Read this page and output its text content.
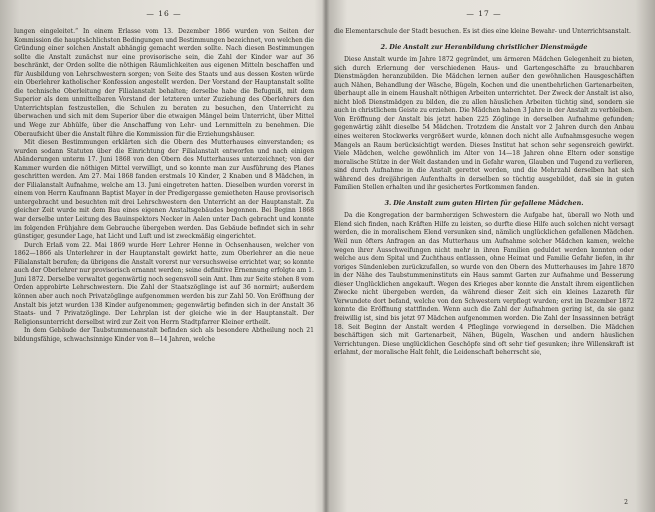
— 16 —

lungen eingeleitet.“ In einem Erlasse vom 13. Dezember 1866 wurden von Seiten der Kommission die hauptsächlichsten Bedingungen und Bestimmungen bezeichnet, von welchen die Gründung einer solchen Anstalt abhängig gemacht werden sollte. Nach diesen Bestimmungen sollte die Anstalt zunächst nur eine provisorische sein, die Zahl der Kinder war auf 36 beschränkt, der Orden sollte die nöthigen Räumlichkeiten aus eigenen Mitteln beschaffen und für Ausbildung von Lehrschwestern sorgen; von Seite des Staats und aus dessen Kosten würde ein Oberlehrer katholischer Konfession angestellt werden. Der Vorstand der Hauptanstalt sollte die technische Oberleitung der Filialanstalt behalten; derselbe habe die Befugniß, mit dem Superior als dem unmittelbaren Vorstand der letzteren unter Zuziehung des Oberlehrers den Unterrichtsplan festzustellen, die Schulen zu beraten zu besuchen, den Unterricht zu überwachen und sich mit dem Superior über die etwaigen Mängel beim Unterricht, über Mittel und Wege zur Abhülfe, über die Anschaffung von Lehr- und Lernmitteln zu benehmen. Die Oberaufsicht über die Anstalt führe die Kommission für die Erziehungshäuser.

Mit diesen Bestimmungen erklärten sich die Obern des Mutterhauses einverstanden; es wurden sodann Statuten über die Einrichtung der Filialanstalt entworfen und nach einigen Abänderungen unterm 17. Juni 1868 von den Obern des Mutterhauses unterzeichnet; von der Kammer wurden die nöthigen Mittel verwilligt, und so konnte man zur Ausführung des Planes geschritten werden. Am 27. Mai 1868 fanden erstmals 10 Kinder, 2 Knaben und 8 Mädchen, in der Filialanstalt Aufnahme, welche am 13. Juni eingetreten hatten. Dieselben wurden vorerst in einem von Herrn Kaufmann Baptist Mayer in der Predigergasse gemietheten Hause provisorisch untergebracht und besuchten mit drei Lehrschwestern den Unterricht an der Hauptanstalt. Zu gleicher Zeit wurde mit dem Bau eines eigenen Anstaltsgebäudes begonnen. Bei Beginn 1868 war derselbe unter Leitung des Bauinspektors Necker in Aalen unter Dach gebracht und konnte im folgenden Frühjahre dem Gebrauche übergeben werden. Das Gebäude befindet sich in sehr günstiger, gesunder Lage, hat Licht und Luft und ist zweckmäßig eingerichtet.

Durch Erlaß vom 22. Mai 1869 wurde Herr Lehrer Henne in Ochsenhausen, welcher von 1862—1866 als Unterlehrer in der Hauptanstalt gewirkt hatte, zum Oberlehrer an die neue Filialanstalt berufen; da übrigens die Anstalt vorerst nur versuchsweise errichtet war, so konnte auch der Oberlehrer nur provisorisch ernannt werden; seine definitive Ernennung erfolgte am 1. Juni 1872. Derselbe verwaltet gegenwärtig noch segensvoll sein Amt. Ihm zur Seite stehen 8 vom Orden approbirte Lehrschwestern. Die Zahl der Staatszöglinge ist auf 36 normirt; außerdem können aber auch noch Privatzöglinge aufgenommen werden bis zur Zahl 50. Von Eröffnung der Anstalt bis jetzt wurden 138 Kinder aufgenommen; gegenwärtig befinden sich in der Anstalt 36 Staats- und 7 Privatzöglinge. Der Lehrplan ist der gleiche wie in der Hauptanstalt. Der Religionsunterricht derselbst wird zur Zeit von Herrn Stadtpfarrer Kleiner ertheilt.

In dem Gebäude der Taubstummenanstalt befinden sich als besondere Abtheilung noch 21 bildungsfähige, schwachsinnige Kinder von 8—14 Jahren, welche

— 17 —

die Elementarschule der Stadt besuchen. Es ist dies eine kleine Bewahr- und Unterrichtsanstalt.

2. Die Anstalt zur Heranbildung christlicher Dienstmägde

Diese Anstalt wurde im Jahre 1872 gegründet, um ärmeren Mädchen Gelegenheit zu bieten, sich durch Erlernung der verschiedenen Haus- und Gartengeschäfte zu brauchbaren Dienstmägden heranzubilden. Die Mädchen lernen außer den gewöhnlichen Hausgeschäften auch Nähen, Behandlung der Wäsche, Bügeln, Kochen und die unentbehrlichen Gartenarbeiten, überhaupt alle in einem Haushalt nöthigen Arbeiten unterrichtet. Der Zweck der Anstalt ist also, nicht bloß Dienstmädgen zu bilden, die zu allen häuslichen Arbeiten tüchtig sind, sondern sie auch in christlichem Geiste zu erziehen. Die Mädchen haben 3 Jahre in der Anstalt zu verbleiben. Von Eröffnung der Anstalt bis jetzt haben 225 Zöglinge in derselben Aufnahme gefunden; gegenwärtig zählt dieselbe 54 Mädchen. Trotzdem die Anstalt vor 2 Jahren durch den Anbau eines weiteren Stockwerks vergrößert wurde, können doch nicht alle Aufnahmsgesuche wegen Mangels an Raum berücksichtigt werden. Dieses Institut hat schon sehr segensreich gewirkt. Viele Mädchen, welche gewöhnlich im Alter von 14—18 Jahren ohne Eltern oder sonstige moralische Stütze in der Welt dastanden und in Gefahr waren, Glauben und Tugend zu verlieren, sind durch Aufnahme in die Anstalt gerettet worden, und die Mehrzahl derselben hat sich während des dreijährigen Aufenthalts in derselben so tüchtig ausgebildet, daß sie in guten Familien Stellen erhalten und ihr gesichertes Fortkommen fanden.

3. Die Anstalt zum guten Hirten für gefallene Mädchen.

Da die Kongregation der barmherzigen Schwestern die Aufgabe hat, überall wo Noth und Elend sich finden, nach Kräften Hilfe zu leisten, so durfte diese Hilfe auch solchen nicht versagt werden, die in moralischem Elend versunken sind, nämlich unglücklichen gefallenen Mädchen. Weil nun öfters Anfragen an das Mutterhaus um Aufnahme solcher Mädchen kamen, welche wegen ihrer Ausschweifungen nicht mehr in ihren Familien geduldet werden konnten oder welche aus dem Spital und Zuchthaus entlassen, ohne Heimat und Familie Gefahr liefen, in ihr voriges Sündenleben zurückzufallen, so wurde von den Obern des Mutterhauses im Jahre 1870 in der Nähe des Taubstummeninstituts ein Haus sammt Garten zur Aufnahme und Besserung dieser Unglücklichen angekauft. Wegen des Krieges aber konnte die Anstalt ihrem eigentlichen Zwecke nicht übergeben werden, da während dieser Zeit sich ein kleines Lazareth für Verwundete dort befand, welche von den Schwestern verpflegt wurden; erst im Dezember 1872 konnte die Eröffnung stattfinden. Wenn auch die Zahl der Aufnahmen gering ist, da sie ganz freiwillig ist, sind bis jetzt 97 Mädchen aufgenommen worden. Die Zahl der Insassinnen beträgt 18. Seit Beginn der Anstalt werden 4 Pfleglinge vorwiegend in derselben. Die Mädchen beschäftigen sich mit Gartenarbeit, Nähen, Bügeln, Waschen und andern häuslichen Verrichtungen. Diese unglücklichen Geschöpfe sind oft sehr tief gesunken; ihre Willenskraft ist erlahmt, der moralische Halt fehlt, die Leidenschaft beherrscht sie,

2
